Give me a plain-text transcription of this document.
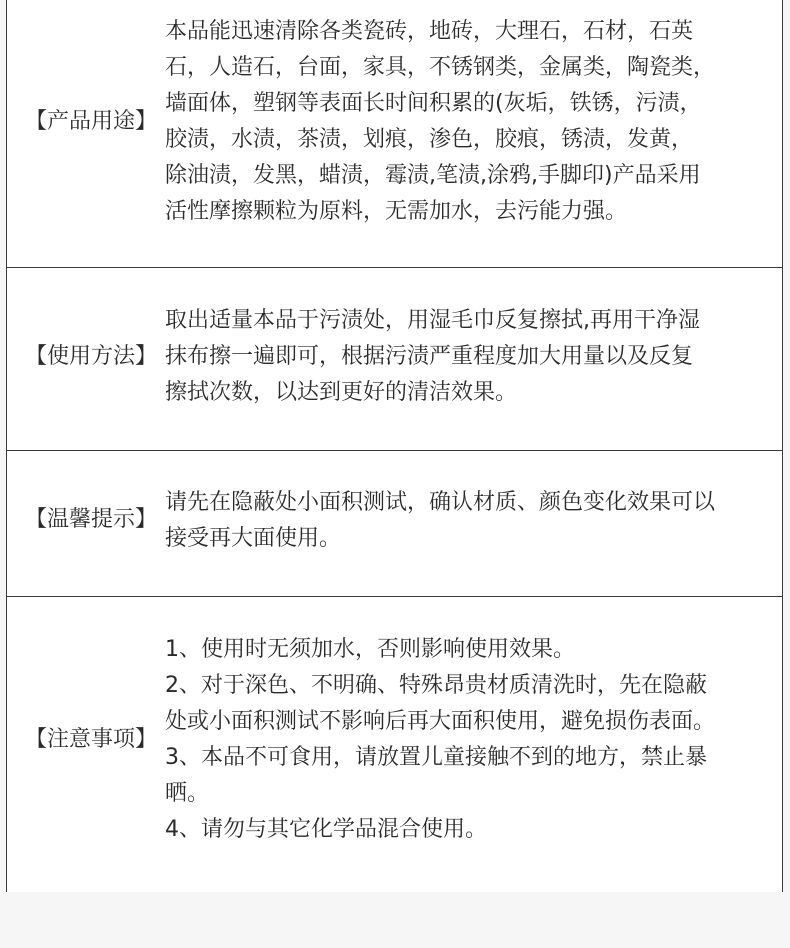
【产品用途】
本品能迅速清除各类瓷砖，地砖，大理石，石材，石英
石，人造石，台面，家具，不锈钢类，金属类，陶瓷类，
墙面体，塑钢等表面长时间积累的(灰垢，铁锈，污渍，
胶渍，水渍，茶渍，划痕，渗色，胶痕，锈渍，发黄，
除油渍，发黑，蜡渍，霉渍,笔渍,涂鸦,手脚印)产品采用
活性摩擦颗粒为原料，无需加水，去污能力强。
【使用方法】
取出适量本品于污渍处，用湿毛巾反复擦拭,再用干净湿
抹布擦一遍即可，根据污渍严重程度加大用量以及反复
擦拭次数，以达到更好的清洁效果。
【温馨提示】
请先在隐蔽处小面积测试，确认材质、颜色变化效果可以
接受再大面使用。
【注意事项】
1、使用时无须加水，否则影响使用效果。
2、对于深色、不明确、特殊昂贵材质清洗时，先在隐蔽
处或小面积测试不影响后再大面积使用，避免损伤表面。
3、本品不可食用，请放置儿童接触不到的地方，禁止暴
晒。
4、请勿与其它化学品混合使用。
